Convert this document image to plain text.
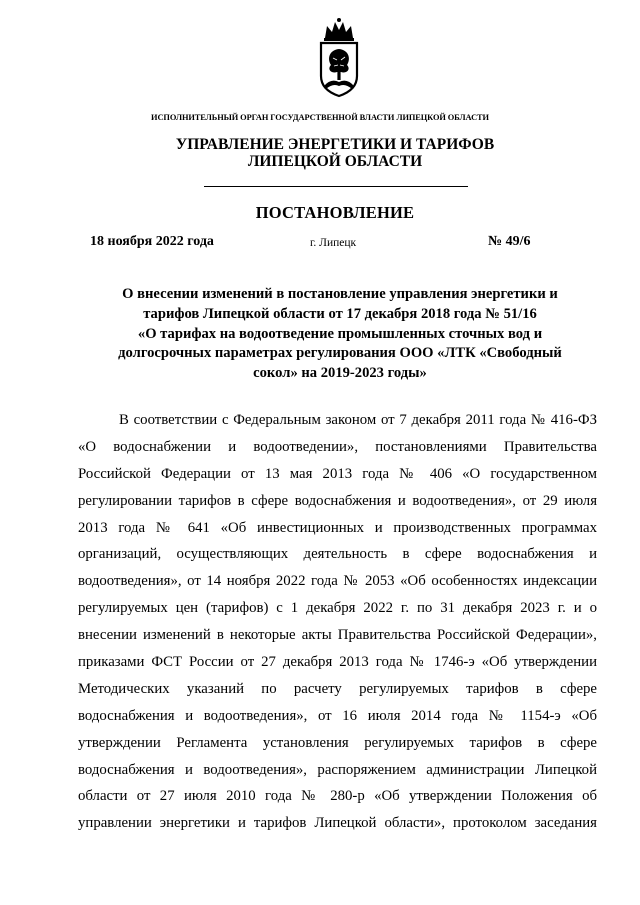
ИСПОЛНИТЕЛЬНЫЙ ОРГАН ГОСУДАРСТВЕННОЙ ВЛАСТИ ЛИПЕЦКОЙ ОБЛАСТИ
УПРАВЛЕНИЕ ЭНЕРГЕТИКИ И ТАРИФОВ
ЛИПЕЦКОЙ ОБЛАСТИ
ПОСТАНОВЛЕНИЕ
18 ноября 2022 года	г. Липецк	№ 49/6
О внесении изменений в постановление управления энергетики и
тарифов Липецкой области от 17 декабря 2018 года № 51/16
«О тарифах на водоотведение промышленных сточных вод и
долгосрочных параметрах регулирования ООО «ЛТК «Свободный
сокол» на 2019-2023 годы»
В соответствии с Федеральным законом от 7 декабря 2011 года № 416-ФЗ
«О водоснабжении и водоотведении», постановлениями Правительства
Российской Федерации от 13 мая 2013 года № 406 «О государственном
регулировании тарифов в сфере водоснабжения и водоотведения», от 29 июля
2013 года № 641 «Об инвестиционных и производственных программах
организаций, осуществляющих деятельность в сфере водоснабжения и
водоотведения», от 14 ноября 2022 года № 2053 «Об особенностях индексации
регулируемых цен (тарифов) с 1 декабря 2022 г. по 31 декабря 2023 г. и о
внесении изменений в некоторые акты Правительства Российской Федерации»,
приказами ФСТ России от 27 декабря 2013 года № 1746-э «Об утверждении
Методических указаний по расчету регулируемых тарифов в сфере
водоснабжения и водоотведения», от 16 июля 2014 года № 1154-э «Об
утверждении Регламента установления регулируемых тарифов в сфере
водоснабжения и водоотведения», распоряжением администрации Липецкой
области от 27 июля 2010 года № 280-р «Об утверждении Положения об
управлении энергетики и тарифов Липецкой области», протоколом заседания
